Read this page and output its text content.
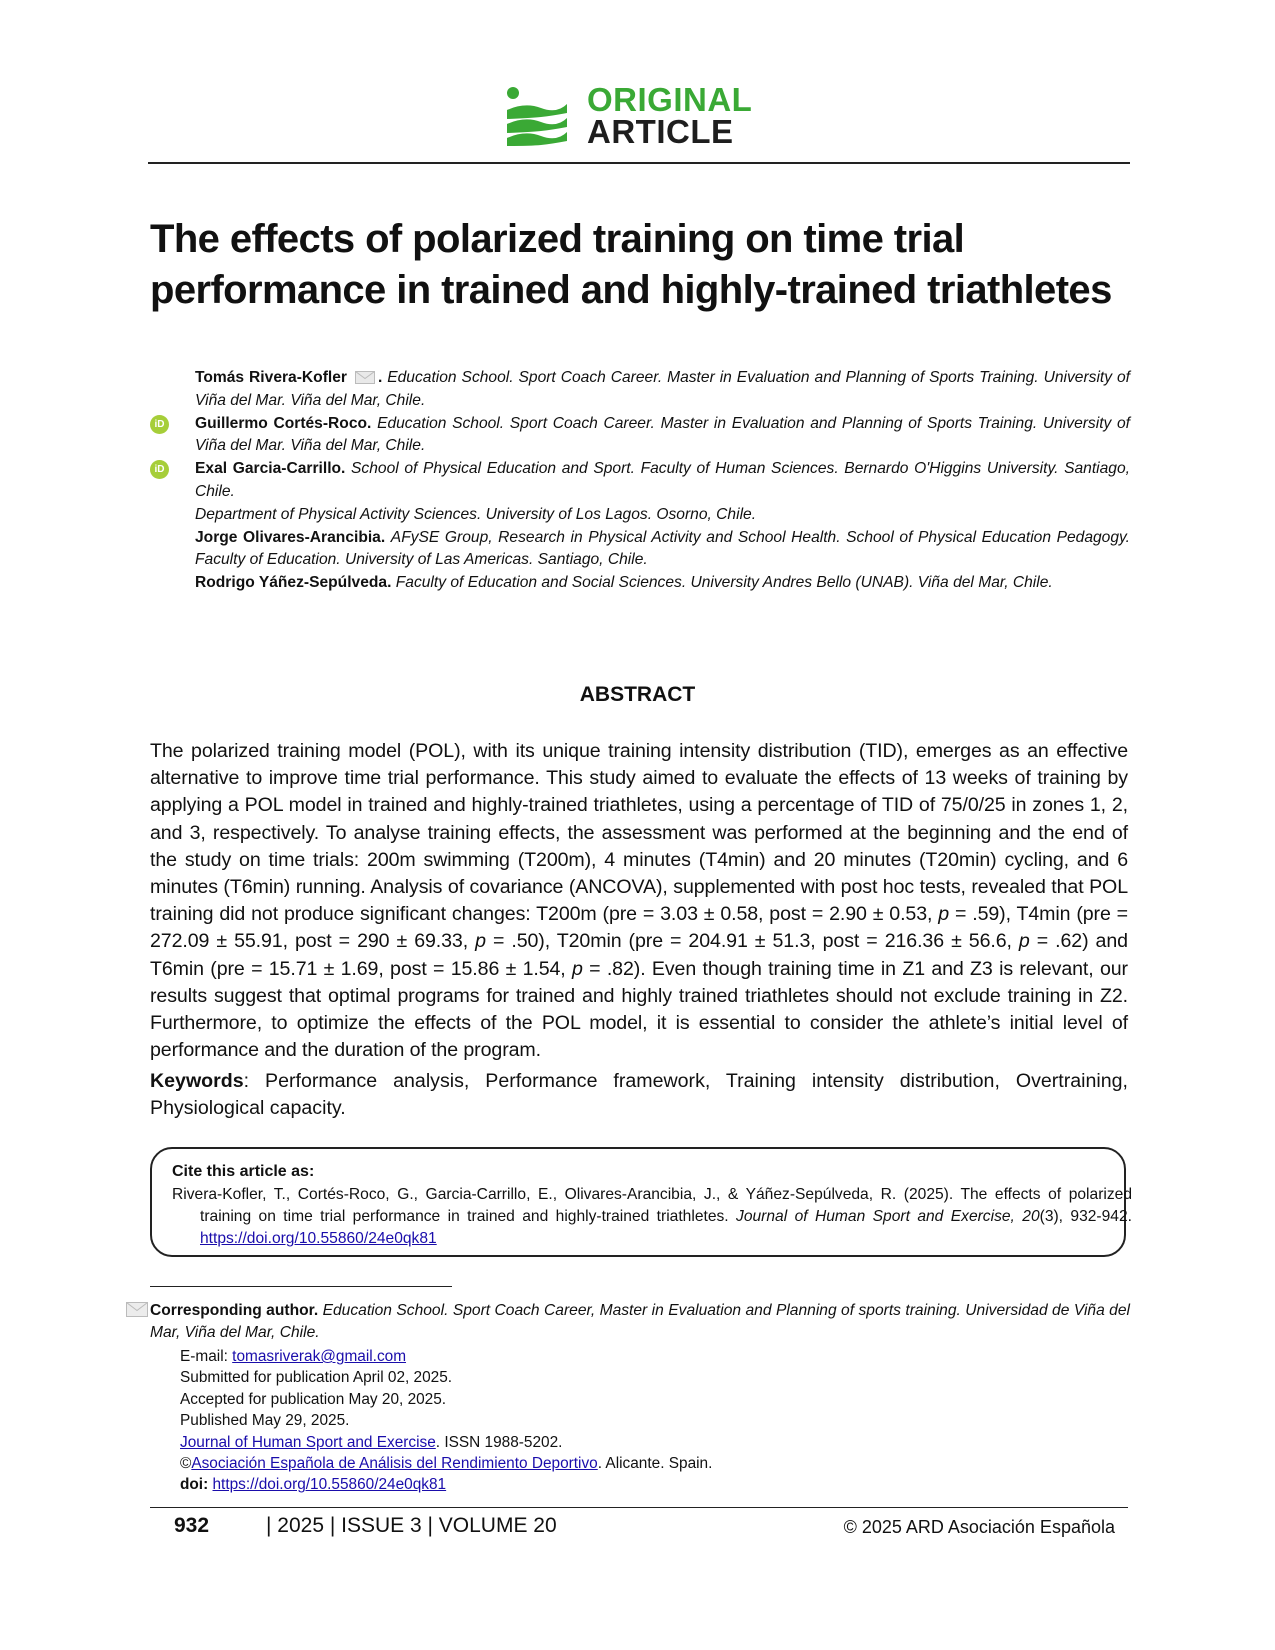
ORIGINAL
ARTICLE
The effects of polarized training on time trial performance in trained and highly-trained triathletes
Tomás Rivera-Kofler . Education School. Sport Coach Career. Master in Evaluation and Planning of Sports Training. University of Viña del Mar. Viña del Mar, Chile.
iD Guillermo Cortés-Roco. Education School. Sport Coach Career. Master in Evaluation and Planning of Sports Training. University of Viña del Mar. Viña del Mar, Chile.
iD Exal Garcia-Carrillo. School of Physical Education and Sport. Faculty of Human Sciences. Bernardo O'Higgins University. Santiago, Chile.
Department of Physical Activity Sciences. University of Los Lagos. Osorno, Chile.
Jorge Olivares-Arancibia. AFySE Group, Research in Physical Activity and School Health. School of Physical Education Pedagogy. Faculty of Education. University of Las Americas. Santiago, Chile.
Rodrigo Yáñez-Sepúlveda. Faculty of Education and Social Sciences. University Andres Bello (UNAB). Viña del Mar, Chile.
ABSTRACT

The polarized training model (POL), with its unique training intensity distribution (TID), emerges as an effective alternative to improve time trial performance. This study aimed to evaluate the effects of 13 weeks of training by applying a POL model in trained and highly-trained triathletes, using a percentage of TID of 75/0/25 in zones 1, 2, and 3, respectively. To analyse training effects, the assessment was performed at the beginning and the end of the study on time trials: 200m swimming (T200m), 4 minutes (T4min) and 20 minutes (T20min) cycling, and 6 minutes (T6min) running. Analysis of covariance (ANCOVA), supplemented with post hoc tests, revealed that POL training did not produce significant changes: T200m (pre = 3.03 ± 0.58, post = 2.90 ± 0.53, p = .59), T4min (pre = 272.09 ± 55.91, post = 290 ± 69.33, p = .50), T20min (pre = 204.91 ± 51.3, post = 216.36 ± 56.6, p = .62) and T6min (pre = 15.71 ± 1.69, post = 15.86 ± 1.54, p = .82). Even though training time in Z1 and Z3 is relevant, our results suggest that optimal programs for trained and highly trained triathletes should not exclude training in Z2. Furthermore, to optimize the effects of the POL model, it is essential to consider the athlete’s initial level of performance and the duration of the program.

Keywords: Performance analysis, Performance framework, Training intensity distribution, Overtraining, Physiological capacity.

Cite this article as:
Rivera-Kofler, T., Cortés-Roco, G., Garcia-Carrillo, E., Olivares-Arancibia, J., & Yáñez-Sepúlveda, R. (2025). The effects of polarized training on time trial performance in trained and highly-trained triathletes. Journal of Human Sport and Exercise, 20(3), 932-942. https://doi.org/10.55860/24e0qk81
Corresponding author. Education School. Sport Coach Career, Master in Evaluation and Planning of sports training. Universidad de Viña del Mar, Viña del Mar, Chile.
E-mail: tomasriverak@gmail.com
Submitted for publication April 02, 2025.
Accepted for publication May 20, 2025.
Published May 29, 2025.
Journal of Human Sport and Exercise. ISSN 1988-5202.
©Asociación Española de Análisis del Rendimiento Deportivo. Alicante. Spain.
doi: https://doi.org/10.55860/24e0qk81
932	| 2025 | ISSUE 3 | VOLUME 20	© 2025 ARD Asociación Española
